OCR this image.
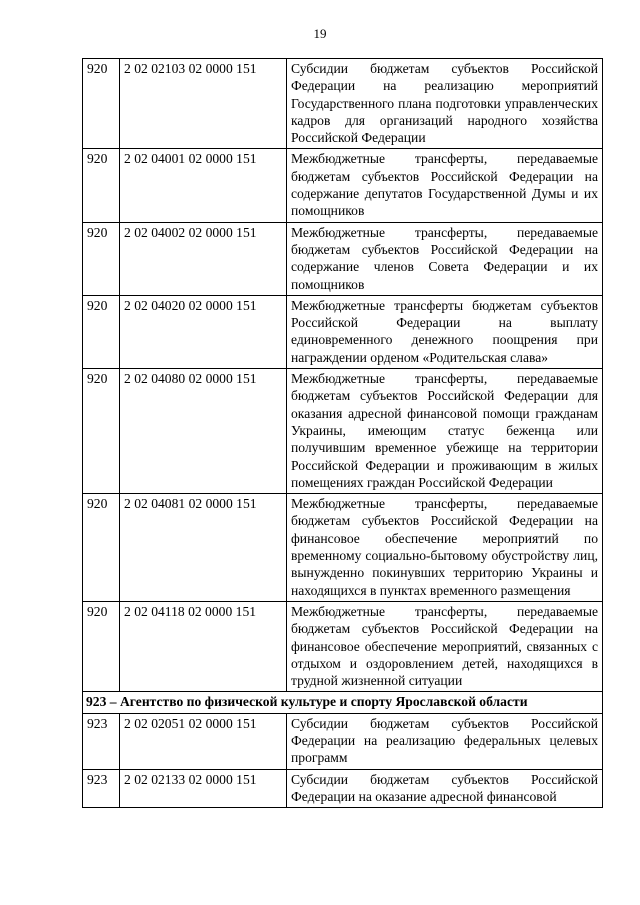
19
920	2 02 02103 02 0000 151	Субсидии бюджетам субъектов Российской Федерации на реализацию мероприятий Государственного плана подготовки управленческих кадров для организаций народного хозяйства Российской Федерации
920	2 02 04001 02 0000 151	Межбюджетные трансферты, передаваемые бюджетам субъектов Российской Федерации на содержание депутатов Государственной Думы и их помощников
920	2 02 04002 02 0000 151	Межбюджетные трансферты, передаваемые бюджетам субъектов Российской Федерации на содержание членов Совета Федерации и их помощников
920	2 02 04020 02 0000 151	Межбюджетные трансферты бюджетам субъектов Российской Федерации на выплату единовременного денежного поощрения при награждении орденом «Родительская слава»
920	2 02 04080 02 0000 151	Межбюджетные трансферты, передаваемые бюджетам субъектов Российской Федерации для оказания адресной финансовой помощи гражданам Украины, имеющим статус беженца или получившим временное убежище на территории Российской Федерации и проживающим в жилых помещениях граждан Российской Федерации
920	2 02 04081 02 0000 151	Межбюджетные трансферты, передаваемые бюджетам субъектов Российской Федерации на финансовое обеспечение мероприятий по временному социально-бытовому обустройству лиц, вынужденно покинувших территорию Украины и находящихся в пунктах временного размещения
920	2 02 04118 02 0000 151	Межбюджетные трансферты, передаваемые бюджетам субъектов Российской Федерации на финансовое обеспечение мероприятий, связанных с отдыхом и оздоровлением детей, находящихся в трудной жизненной ситуации
923 – Агентство по физической культуре и спорту Ярославской области		
923	2 02 02051 02 0000 151	Субсидии бюджетам субъектов Российской Федерации на реализацию федеральных целевых программ
923	2 02 02133 02 0000 151	Субсидии бюджетам субъектов Российской Федерации на оказание адресной финансовой
